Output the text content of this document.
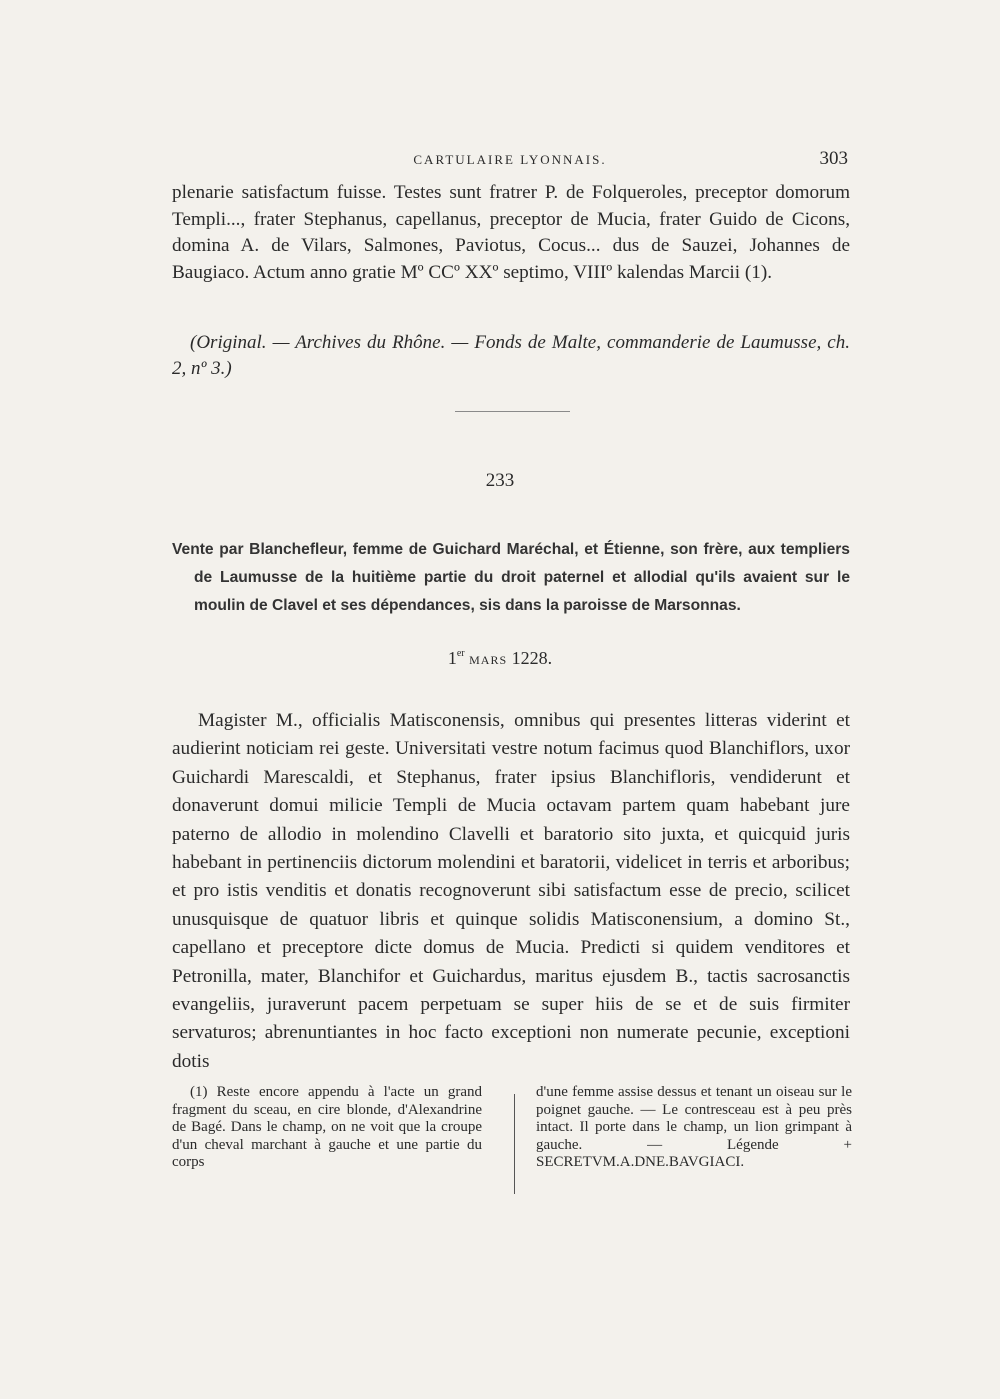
CARTULAIRE LYONNAIS.	303
plenarie satisfactum fuisse. Testes sunt fratrer P. de Folqueroles, preceptor domorum Templi..., frater Stephanus, capellanus, preceptor de Mucia, frater Guido de Cicons, domina A. de Vilars, Salmones, Paviotus, Cocus... dus de Sauzei, Johannes de Baugiaco. Actum anno gratie Mº CCº XXº septimo, VIIIº kalendas Marcii (1).
(Original. — Archives du Rhône. — Fonds de Malte, commanderie de Laumusse, ch. 2, nº 3.)
233
Vente par Blanchefleur, femme de Guichard Maréchal, et Étienne, son frère, aux templiers de Laumusse de la huitième partie du droit paternel et allodial qu'ils avaient sur le moulin de Clavel et ses dépendances, sis dans la paroisse de Marsonnas.
1er MARS 1228.
Magister M., officialis Matisconensis, omnibus qui presentes litteras viderint et audierint noticiam rei geste. Universitati vestre notum facimus quod Blanchiflors, uxor Guichardi Marescaldi, et Stephanus, frater ipsius Blanchifloris, vendiderunt et donaverunt domui milicie Templi de Mucia octavam partem quam habebant jure paterno de allodio in molendino Clavelli et baratorio sito juxta, et quicquid juris habebant in pertinenciis dictorum molendini et baratorii, videlicet in terris et arboribus; et pro istis venditis et donatis recognoverunt sibi satisfactum esse de precio, scilicet unusquisque de quatuor libris et quinque solidis Matisconensium, a domino St., capellano et preceptore dicte domus de Mucia. Predicti si quidem venditores et Petronilla, mater, Blanchifor et Guichardus, maritus ejusdem B., tactis sacrosanctis evangeliis, juraverunt pacem perpetuam se super hiis de se et de suis firmiter servaturos; abrenuntiantes in hoc facto exceptioni non numerate pecunie, exceptioni dotis
(1) Reste encore appendu à l'acte un grand fragment du sceau, en cire blonde, d'Alexandrine de Bagé. Dans le champ, on ne voit que la croupe d'un cheval marchant à gauche et une partie du corps
d'une femme assise dessus et tenant un oiseau sur le poignet gauche. — Le contresceau est à peu près intact. Il porte dans le champ, un lion grimpant à gauche. — Légende + SECRETVM.A.DNE.BAVGIACI.
